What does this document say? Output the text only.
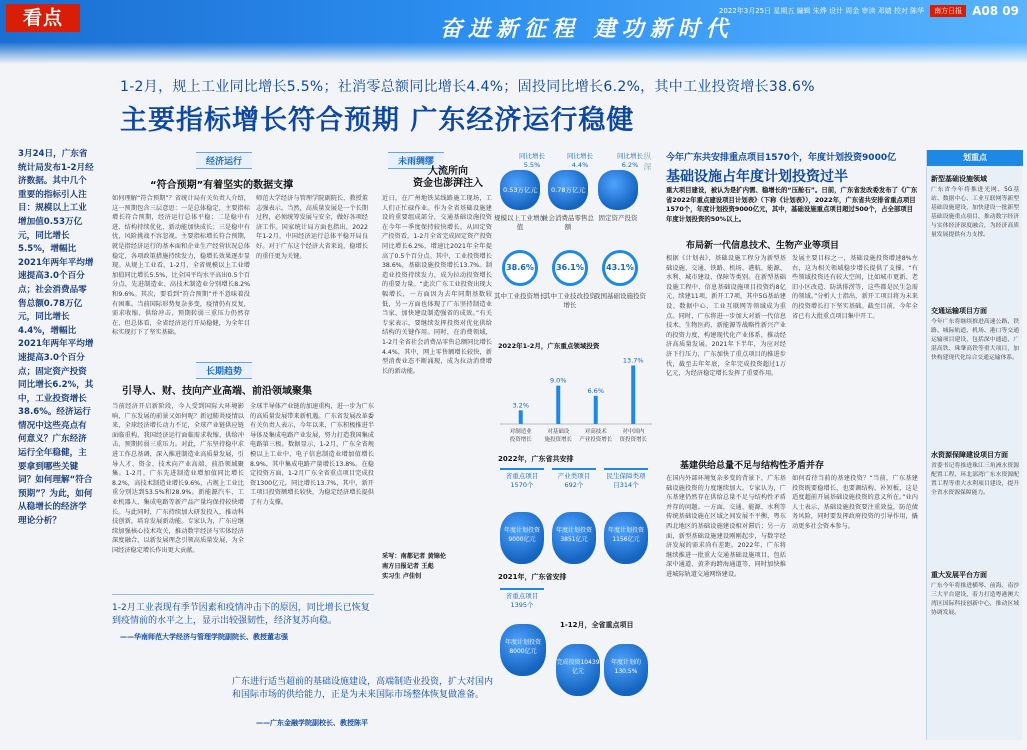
看点	奋进新征程 建功新时代
2022年3月25日 星期五 編辑 朱烨 设计 周金 审读 邓婧 校对 陈华	南方日报 A08 09
1-2月，规上工业同比增长5.5%；社消零总额同比增长4.4%；固投同比增长6.2%，其中工业投资增长38.6%
主要指标增长符合预期 广东经济运行稳健
3月24日，广东省统计局发布1-2月经济数据。其中几个重要的指标引人注目：规模以上工业增加值0.53万亿元，同比增长5.5%，增幅比2021年两年平均增速提高3.0个百分点；社会消费品零售总额0.78万亿元，同比增长4.4%，增幅比2021年两年平均增速提高3.0个百分点；固定资产投资同比增长6.2%，其中，工业投资增长38.6%。经济运行情况中这些亮点有何意义？广东经济运行全年稳健，主要拿到哪些关键词？如何理解“符合预期”？为此，如何从稳增长的经济学理论分析？
经济运行
“符合预期”有着坚实的数据支撑
如何理解“符合预期”？省统计局有关负责人介绍，这一预期包含三层意思：一是总体稳定，主要指标增长符合预期，经济运行总体平稳；二是稳中有进，结构持续优化，新动能加快成长；三是稳中有忧，风险挑战不容忽视。主要指标增长符合预期，就是指经济运行的基本面和企业生产经营状况总体稳定，各项政策措施持续发力，稳增长效果逐步显现。从规上工业看，1-2月，全省规模以上工业增加值同比增长5.5%，比全国平均水平高出0.5个百分点，先进制造业、高技术制造业分别增长8.2%和9.6%。其次，要看到“符合预期”并不意味着没有困难。当前国际形势复杂多变，疫情仍有反复，需求收缩、供给冲击、预期转弱三重压力仍然存在，但总体看，全省经济运行开局稳健，为全年目标实现打下了坚实基础。
师范大学经济与管理学院副院长、教授董志强表示。当然，高质量发展是一个长期过程，必须统筹发展与安全，做好各项经济工作。国家统计局方面也指出，2022年1-2月，中国经济运行总体平稳开局良好。对于广东这个经济大省来说，稳增长的重任更为关键。
未雨绸缪
人流所向
资金也澎湃注入
近日，在广州地铁某线路施工现场，工人们正忙碌作业。作为全省基础设施建设的重要组成部分，交通基础设施投资在今年一季度保持较快增长。从固定资产投资看，1-2月全省完成固定资产投资同比增长6.2%，增速比2021年全年提高了0.5个百分点。其中，工业投资增长38.6%，基础设施投资增长13.7%。制造业投资持续发力，成为拉动投资增长的重要力量。“此次广东工业投资出现大幅增长，一方面因为去年同期基数较低，另一方面也体现了广东坚持制造业当家、加快建设制造强省的成效。”有关专家表示，要继续发挥投资对优化供给结构的关键作用。同时，在消费领域，1-2月全省社会消费品零售总额同比增长4.4%，其中，网上零售额增长较快，新型消费业态不断涌现，成为拉动消费增长的新动能。
采写：南都记者 黄锦伦
南方日报记者 王彪
实习生 卢佳钊
长期趋势
引导人、财、技向产业高端、前沿领域聚集
当前经济开启新阶段，今人受到国际大环境影响，广东发展的前景又如何呢？新冠肺炎疫情以来，全球经济增长动力不足，全球产业链供应链面临重构，我国经济运行面临需求收缩、供给冲击、预期转弱三重压力。对此，广东坚持稳中求进工作总基调，深入推进制造业高质量发展，引导人才、资金、技术向产业高端、前沿领域聚集。1-2月，广东先进制造业增加值同比增长8.2%，高技术制造业增长9.6%，占规上工业比重分别达到53.5%和28.9%。新能源汽车、工业机器人、集成电路等新产品产量均保持较快增长。与此同时，广东持续加大研发投入，推动科技创新，培育发展新动能。专家认为，广东应继续加强核心技术攻关，推动数字经济与实体经济深度融合，以新发展理念引领高质量发展，为全国经济稳定增长作出更大贡献。
全球半导体产业链的加速重构，进一步为广东的高质量发展带来新机遇。广东省发展改革委有关负责人表示，今年以来，广东积极推进半导体及集成电路产业发展，努力打造我国集成电路第三极。数据显示，1-2月，广东全省规模以上工业中，电子信息制造业增加值增长8.9%，其中集成电路产量增长13.8%。在稳定投资方面，1-2月广东全省重点项目完成投资1300亿元，同比增长13.7%，其中，新开工项目投资额增长较快，为稳定经济增长提供了有力支撑。
1-2月工业表现有季节因素和疫情冲击下的原因，同比增长已恢复到疫情前的水平之上，显示出较强韧性，经济复苏向稳。
——华南师范大学经济与管理学院副院长、教授董志强
广东进行适当超前的基础设施建设，高端制造业投资，扩大对国内和国际市场的供给能力，正是为未来国际市场整体恢复做准备。
——广东金融学院副校长、教授陈平
同比增长5.5%
0.53万亿元
规模以上工业增加值
同比增长4.4%
0.78万亿元
社会消费品零售总额
同比增长6.2%
固定资产投资
38.6%
其中工业投资增长
36.1%
其中工业技改投资增长
43.1%
我国基础设施投资
2022年1-2月，广东重点领域投资
3.2%
对制造业
投资增长
9.0%
对基础设
施投资增长
6.6%
对高技术
产业投资增长
13.7%
对中国内
资投资增长
2022年，广东省共安排
省重点项目1570个
年度计划投资9000亿元
产业类项目692个
年度计划投资3851亿元
民生保障类项目314个
年度计划投资1156亿元
2021年，广东省安排
省重点项目1395个
年度计划投资8000亿元
1-12月，全省重点项目
完成投资10439亿元
年度计划的130.5%
今年广东共安排重点项目1570个，年度计划投资9000亿
基础设施占年度计划投资过半
纵 深
重大项目建设，被认为是扩内需、稳增长的“压舱石”。日前，广东省发改委发布了《广东省2022年重点建设项目计划表》（下称《计划表》），2022年，广东省共安排省重点项目1570个，年度计划投资9000亿元，其中，基础设施重点项目超过500个，占全部项目年度计划投资的50%以上。
布局新一代信息技术、生物产业等项目
根据《计划表》，基础设施工程分为新型基础设施、交通、铁路、机场、港航、能源、水利、城市建设、保障等类别。在新型基础设施工程中，信息基础设施项目投资约8亿元，续建11项，新开工7项，其中5G基站建设、数据中心、工业互联网等领域成为重点。同时，广东将进一步加大对新一代信息技术、生物医药、新能源等战略性新兴产业的投资力度，构建现代化产业体系，推动经济高质量发展。2021年下半年，为应对经济下行压力，广东加快了重点项目的推进步伐，截至去年年底，全年完成投资超过1万亿元，为经济稳定增长发挥了重要作用。
发展主要目标之一，基础设施投资增速8%左右，这为相关领域稳步增长提供了支撑。“有些领域投资还有较大空间，比如城市更新、老旧小区改造、防洪排涝等，这些都是民生急需的领域。”分析人士指出，新开工项目将为未来的投资增长打下坚实基础。截至目前，今年全省已有大批重点项目集中开工。
基建供给总量不足与结构性矛盾并存
在国内外部环境复杂多变的背景下，广东基础设施投资的力度继续加大。专家认为，广东基建仍然存在供给总量不足与结构性矛盾并存的问题。一方面，交通、能源、水利等传统基础设施在区域之间发展不平衡，粤东西北地区的基础设施建设相对滞后；另一方面，新型基础设施建设刚刚起步，与数字经济发展的需求尚有差距。2022年，广东将继续推进一批重大交通基础设施项目，包括深中通道、黄茅海跨海通道等，同时加快推进城际轨道交通网络建设。
如何看待当前的基建投资？“当前，广东基建投资既要稳增长，也要调结构、补短板，这是适度超前开展基础设施投资的意义所在。”业内人士表示，基础设施投资要注重效益，防范债务风险，同时要发挥政府投资的引导作用，撬动更多社会资本参与。
划重点
新型基础设施领域
广东省今年将推进光网、5G基站、数据中心、工业互联网等新型基础设施建设，加快建设一批新型基础设施重点项目，推动数字经济与实体经济深度融合，为经济高质量发展提供有力支撑。
交通运输项目方面
今年广东将继续推进高速公路、铁路、城际轨道、机场、港口等交通运输项目建设，包括深中通道、广湛高铁、珠肇高铁等重大项目，加快构建现代化综合交通运输体系。
水资源保障建设项目方面
省委书记将推进珠江三角洲水资源配置工程、环北部湾广东水资源配置工程等重大水利项目建设，提升全省水资源保障能力。
重大发展平台方面
广东今年将推进横琴、前海、南沙三大平台建设，着力打造粤港澳大湾区国际科技创新中心，推动区域协调发展。
